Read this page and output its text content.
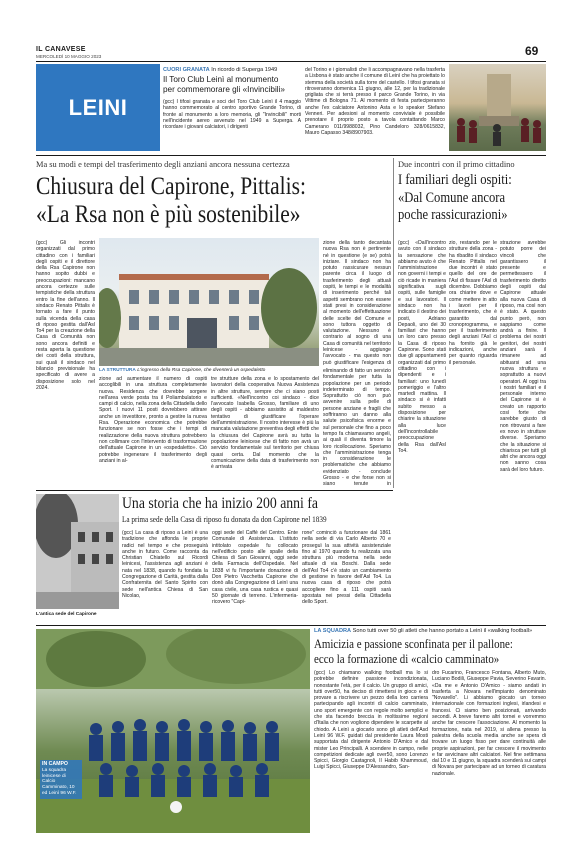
IL CANAVESE
MERCOLEDÌ 10 MAGGIO 2023	69
LEINI
CUORI GRANATA In ricordo di Superga 1949
Il Toro Club Leinì al monumento
per commemorare gli «Invincibili»
(gcc) I tifosi granata e soci del Toro Club Leinì il 4 maggio hanno commemorato al centro sportivo Grande Torino, di fronte al monumento a loro memoria, gli "Invincibili" morti nell'incidente aereo avvenuto nel 1949 a Superga. A ricordare i giovani calciatori, i dirigenti
del Torino e i giornalisti che li accompagnavano nella trasferta a Lisbona è stato anche il comune di Leinì che ha proiettato lo stemma della società sulla torre del castello. I tifosi granata si ritroveranno domenica 11 giugno, alle 12, per la tradizionale grigliata che si terrà presso il parco Grande Torino, in via Vittime di Bologna 71. Al momento di festa parteciperanno anche l'ex calciatore Antonino Asta e lo speaker Stefano Venneri. Per adesioni al momento conviviale è possibile prenotare il proprio posto a tavola contattando Marco Camerano 011/9988032, Pino Candeloro 328/0615832, Mauro Capasso 348/8907903.
Ma su modi e tempi del trasferimento degli anziani ancora nessuna certezza	Due incontri con il primo cittadino
Chiusura del Capirone, Pittalis:
«La Rsa non è più sostenibile»
I familiari degli ospiti:
«Dal Comune ancora
poche rassicurazioni»
(gcc) Gli incontri organizzati dal primo cittadino con i familiari degli ospiti e il direttore della Rsa Capirone non hanno sopito dubbi e preoccupazioni: mancano ancora certezze sulle tempistiche della struttura entro la fine dell'anno. Il sindaco Renato Pittalis è tornato a fare il punto sulla vicenda della casa di riposo gestita dall'Asl To4 per la creazione della Casa di Comunità non sono ancora definiti e resta aperta la questione dei costi della struttura, sui quali il sindaco nel bilancio previsionale ha specificato di avere a disposizione solo nel 2024.
LA STRUTTURA L'ingresso della Rsa Capirone, che diventerà un ospedaletto
zione ad aumentare il numero di ospiti accoglibili in una struttura completamente nuova. Residenza che dovrebbe sorgere nell'area verde posta tra il Poliambulatorio e campi di calcio, nella zona della Cittadella dello Sport. I nuovi 11 posti dovrebbero attirare anche un investitore, pronto a gestire la nuova Rsa. Operazione economica che potrebbe funzionare se non fosse che i tempi di realizzazione della nuova struttura potrebbero non collimare con l'intervento di trasformazione dell'attuale Capirone in un «ospedaletto». Ciò potrebbe ingenerare il trasferimento degli anziani in al-
tre strutture della zona e lo spostamento del lavoratori della cooperativa Nuova Assistenza in altre strutture, sempre che ci siano posti sufficienti. «Nell'incontro coi sindaco - dice l'avvocato Isabella Grosso, familiare di uno degli ospiti - abbiamo assistito al maldestro tentativo di giustificare l'operare dell'amministrazione. Il nostro interesse è più la mancata valutazione preventiva degli effetti che la chiusura del Capirone avrà su tutta la popolazione leinicese che di fatto non avrà un servizio fondamentale sul territorio per chiusa quasi certa. Dal momento che la comunicazione della data di trasferimento non è arrivata
zione della tanto decantata nuova Rsa non è pertinente né in questione (e se) potrà iniziare. Il sindaco non ha potuto rassicurare nessun parente circa il luogo di trasferimento degli attuali ospiti, le tempi e le modalità di inserimento perché tali aspetti sembrano non essere stati presi in considerazione al momento dell'effettuazione delle scelte del Comune e sono tuttora oggetto di valutazione. Nessuno è contrario al sogno di una Casa di comunità nel territorio leinicese - aggiunge l'avvocato - ma questo non può giustificare l'esigenza di
eliminando di fatto un servizio fondamentale per tutta la popolazione per un periodo indeterminato di tempo. Soprattutto ciò non può avvenire sulla pelle di persone anziane e fragili che soffriranno un danno alla salute psicofisica enorme e sul personale che fino a poco tempo fa chiamavamo angeli, ai quali il diventa timore la loro ricollocazione. Speriamo che l'amministrazione tenga in considerazione le problematiche che abbiamo evidenziato - conclude Grosso - e che forse non si siano tenute in
(gcc) «Dall'incontro avuto con il sindaco la sensazione che abbiamo avuto è che l'amministrazione non governi i tempi e ciò ricade in maniera significativa sugli ospiti, sulle famiglie e sui lavoratori. Il sindaco non ha indicato il destino dei posti, Adriano Depaoli, uno dei 30 familiari che hanno un loro caro presso la Casa di riposo Capirone. Sono stati due gli appuntamenti organizzati dal primo cittadino con i dipendenti e i familiari: uno lunedì pomeriggio e l'altro martedì mattina. Il sindaco si è infatti subito messo a disposizione per chiarire la situazione alla luce dell'incontrollabile preoccupazione della Rsa dall'Asl To4.
zio, restando per le strutture della zona - ha ribadito il sindaco Renato Pittalis nel due incontri è stato quello del ore de l'Asl di fissare l'Asl di dicembre. Dobbiamo ora chiarire dove e come mettere in atto i lavori per il trasferimento, che è garantito dal cronoprogramma, e per il trasferimento degli anziani l'Asl ci ha fornito già le indicazioni, anche per quanto riguarda il personale.
strazione avrebbe potuto porre dei vincoli che garantissero il presente e permettessero il trasferimento diretto degli ospiti dal Capirone attuale alla nuova Casa di riposo, ma così non è stato. A questo punto però, non sappiamo come andrà a finire. Il problema dei nostri genitori, dei nostri anziani sarà il rimanere ad abituarsi ad una nuova struttura e soprattutto a nuovi operatori. Al oggi tra i nostri familiari e il personale interno del Capirone si è creato un rapporto così forte che sarebbe giusto di non ritrovarsi a fare ex novo in strutture diverse. Speriamo che la situazione si chiarisca per tutti gli altri che ancora oggi non sanno cosa sarà del loro futuro.
L'antica sede del Capirone
Una storia che ha inizio 200 anni fa
La prima sede della Casa di riposo fu donata da don Capirone nel 1839
(gcc) La casa di riposo a Leinì è una tradizione che affonda le proprie radici nel tempo e che proseguirà anche in futuro. Come racconta da Christian Chiatello sul Ricordi leinicesi, l'assistenza agli anziani è nata nel 1838, quando fu fondata la Congregazione di Carità, gestita dalla Confraternita del Santo Spirito con sede nell'antica Chiesa di San Nicolao,
oggi sede del Caffè del Centro. Ente Comunale di Assistenza. L'istituto intitolato ospedale fu collocato nell'edificio posto alle spalle della Chiesa di San Giovanni, oggi sede della Farmacia dell'Ospedale. Nel 1838 vi fu l'importante donazione di Don Pietro Vacchetta Capirone che donò alla Congregazione di Leinì una casa civile, una casa rustica e quasi 50 giornate di terreno. L'infermeria-ricovero "Capi-
rone" cominciò a funzionare dal 1861 nella sede di via Carlo Alberto 70 e proseguì la sua attività assistenziale fino al 1970 quando fu realizzata una struttura più moderna nella sede attuale di via Boschi. Dalla sede dell'Asl To4 c'è stato un cambiamento di gestione in favore dell'Asl To4. La nuova casa di riposo che potrà accogliere fino a 111 ospiti sarà spostata nei pressi della Cittadella dello Sport.
LA SQUADRA Sono tutti over 50 gli atleti che hanno portato a Leinì il «walking football»
Amicizia e passione sconfinata per il pallone:
ecco la formazione di «calcio camminato»
IN CAMPO
La squadra leinicese di Calcio Camminato, 10 ed Leinì 96 W.F.
(gcc) Lo chiamano walking football ma lo si potrebbe definire passione incondizionata, nonostante l'età, per il calcio. Un gruppo di amici, tutti over50, ha deciso di rimettersi in gioco e di provare a riscrivere un pezzo della loro carriera partecipando agli incontri di calcio camminato, uno sport emergente con regole molto semplici e che sta facendo breccia in moltissime regioni d'Italia che non vogliono dipendere le scarpette al chiodo. A Leinì a giocarlo sono gli atleti dell'Asd Leinì 96 W.F. guidati dal presidente Laura Mosti supportata dal dirigente Antonio D'Amico e dal mister Leo Principalli. A scendere in campo, nelle competizioni dedicate agli over50, sono Lorenzo Spicci, Giorgio Castagnoli, Il Habib Khammoud, Luigi Spicci, Giuseppe D'Alessandro, San-
dro Fucarino, Francesco Fontana, Alberto Muto, Luciano Bodili, Giuseppe Pavia, Severino Favarin. «Da me e Antonio D'Amico - siamo andati in trasferta a Novara nell'impianto denominato "Novarello". Li abbiamo giocato un torneo internazionale con formazioni inglesi, irlandesi e francesi. Ci siamo ben posizionati, arrivando secondi. A breve faremo altri tornei e vorremmo anche far crescere l'associazione. Al momento la formazione, nata nel 2019, si allena presso la palestra della scuola media anche se spera di trovare un luogo fisso per dare continuità alle proprie aspirazioni, per far crescere il movimento e far avvicinare altri calciatori. Nel fine settimana dal 10 e 11 giugno, la squadra scenderà sui campi di Novara per partecipare ad un torneo di caratura nazionale.
